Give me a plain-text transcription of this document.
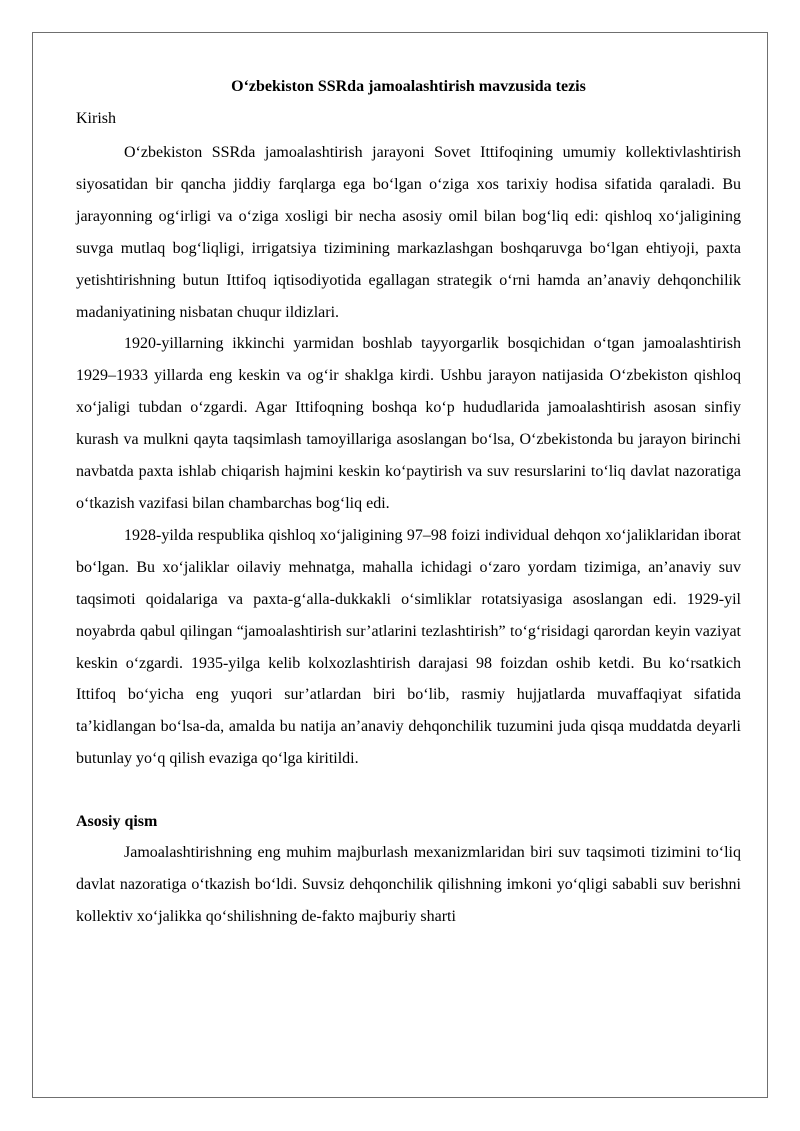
O‘zbekiston SSRda jamoalashtirish mavzusida tezis

Kirish

O‘zbekiston SSRda jamoalashtirish jarayoni Sovet Ittifoqining umumiy kollektivlashtirish siyosatidan bir qancha jiddiy farqlarga ega bo‘lgan o‘ziga xos tarixiy hodisa sifatida qaraladi. Bu jarayonning og‘irligi va o‘ziga xosligi bir necha asosiy omil bilan bog‘liq edi: qishloq xo‘jaligining suvga mutlaq bog‘liqligi, irrigatsiya tizimining markazlashgan boshqaruvga bo‘lgan ehtiyoji, paxta yetishtirishning butun Ittifoq iqtisodiyotida egallagan strategik o‘rni hamda an’anaviy dehqonchilik madaniyatining nisbatan chuqur ildizlari.

1920-yillarning ikkinchi yarmidan boshlab tayyorgarlik bosqichidan o‘tgan jamoalashtirish 1929–1933 yillarda eng keskin va og‘ir shaklga kirdi. Ushbu jarayon natijasida O‘zbekiston qishloq xo‘jaligi tubdan o‘zgardi. Agar Ittifoqning boshqa ko‘p hududlarida jamoalashtirish asosan sinfiy kurash va mulkni qayta taqsimlash tamoyillariga asoslangan bo‘lsa, O‘zbekistonda bu jarayon birinchi navbatda paxta ishlab chiqarish hajmini keskin ko‘paytirish va suv resurslarini to‘liq davlat nazoratiga o‘tkazish vazifasi bilan chambarchas bog‘liq edi.

1928-yilda respublika qishloq xo‘jaligining 97–98 foizi individual dehqon xo‘jaliklaridan iborat bo‘lgan. Bu xo‘jaliklar oilaviy mehnatga, mahalla ichidagi o‘zaro yordam tizimiga, an’anaviy suv taqsimoti qoidalariga va paxta-g‘alla-dukkakli o‘simliklar rotatsiyasiga asoslangan edi. 1929-yil noyabrda qabul qilingan “jamoalashtirish sur’atlarini tezlashtirish” to‘g‘risidagi qarordan keyin vaziyat keskin o‘zgardi. 1935-yilga kelib kolxozlashtirish darajasi 98 foizdan oshib ketdi. Bu ko‘rsatkich Ittifoq bo‘yicha eng yuqori sur’atlardan biri bo‘lib, rasmiy hujjatlarda muvaffaqiyat sifatida ta’kidlangan bo‘lsa-da, amalda bu natija an’anaviy dehqonchilik tuzumini juda qisqa muddatda deyarli butunlay yo‘q qilish evaziga qo‘lga kiritildi.

Asosiy qism

Jamoalashtirishning eng muhim majburlash mexanizmlaridan biri suv taqsimoti tizimini to‘liq davlat nazoratiga o‘tkazish bo‘ldi. Suvsiz dehqonchilik qilishning imkoni yo‘qligi sababli suv berishni kollektiv xo‘jalikka qo‘shilishning de-fakto majburiy sharti
